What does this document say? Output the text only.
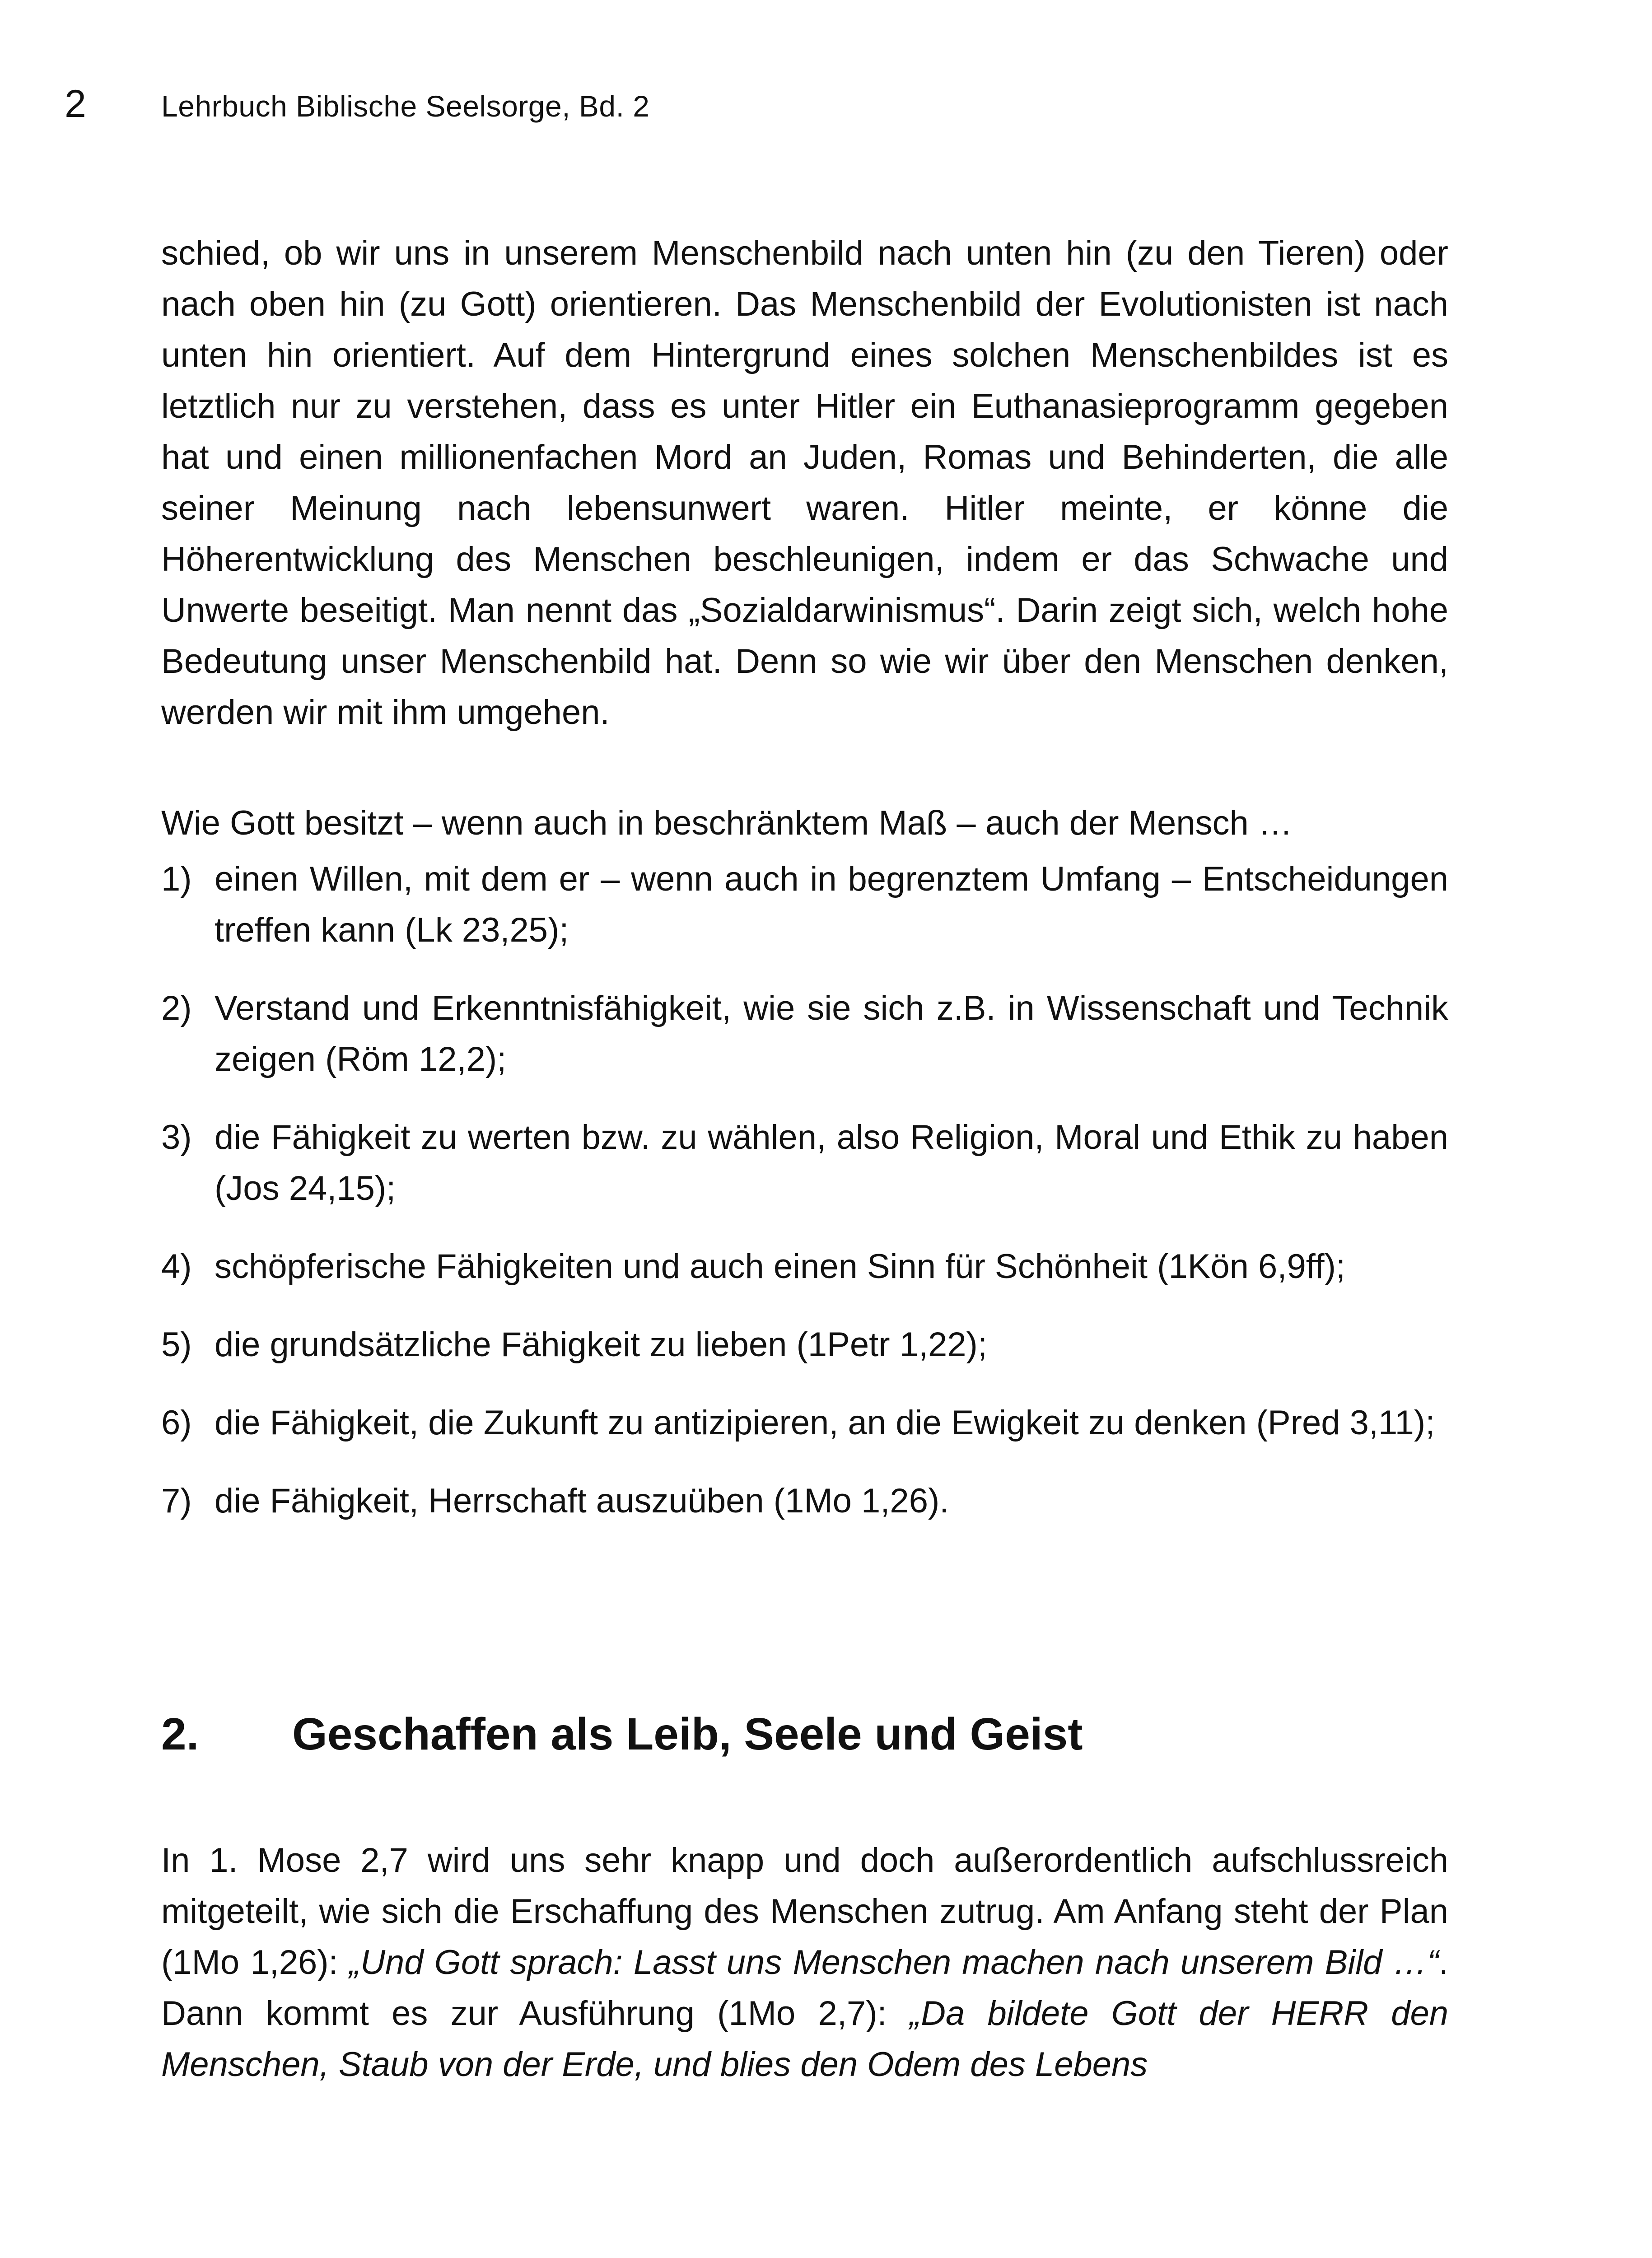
2	Lehrbuch Biblische Seelsorge, Bd. 2

schied, ob wir uns in unserem Menschenbild nach unten hin (zu den Tieren) oder nach oben hin (zu Gott) orientieren. Das Menschenbild der Evolutionisten ist nach unten hin orientiert. Auf dem Hintergrund eines solchen Menschenbildes ist es letztlich nur zu verstehen, dass es unter Hitler ein Euthanasieprogramm gegeben hat und einen millionenfachen Mord an Juden, Romas und Behinderten, die alle seiner Meinung nach lebensunwert waren. Hitler meinte, er könne die Höherentwicklung des Menschen beschleunigen, indem er das Schwache und Unwerte beseitigt. Man nennt das „Sozialdarwinismus“. Darin zeigt sich, welch hohe Bedeutung unser Menschenbild hat. Denn so wie wir über den Menschen denken, werden wir mit ihm umgehen.

Wie Gott besitzt – wenn auch in beschränktem Maß – auch der Mensch …

1) einen Willen, mit dem er – wenn auch in begrenztem Umfang – Entscheidungen treffen kann (Lk 23,25);
2) Verstand und Erkenntnisfähigkeit, wie sie sich z.B. in Wissenschaft und Technik zeigen (Röm 12,2);
3) die Fähigkeit zu werten bzw. zu wählen, also Religion, Moral und Ethik zu haben (Jos 24,15);
4) schöpferische Fähigkeiten und auch einen Sinn für Schönheit (1Kön 6,9ff);
5) die grundsätzliche Fähigkeit zu lieben (1Petr 1,22);
6) die Fähigkeit, die Zukunft zu antizipieren, an die Ewigkeit zu denken (Pred 3,11);
7) die Fähigkeit, Herrschaft auszuüben (1Mo 1,26).
2.	Geschaffen als Leib, Seele und Geist

In 1. Mose 2,7 wird uns sehr knapp und doch außerordentlich aufschlussreich mitgeteilt, wie sich die Erschaffung des Menschen zutrug. Am Anfang steht der Plan (1Mo 1,26): „Und Gott sprach: Lasst uns Menschen machen nach unserem Bild …“. Dann kommt es zur Ausführung (1Mo 2,7): „Da bildete Gott der HERR den Menschen, Staub von der Erde, und blies den Odem des Lebens
